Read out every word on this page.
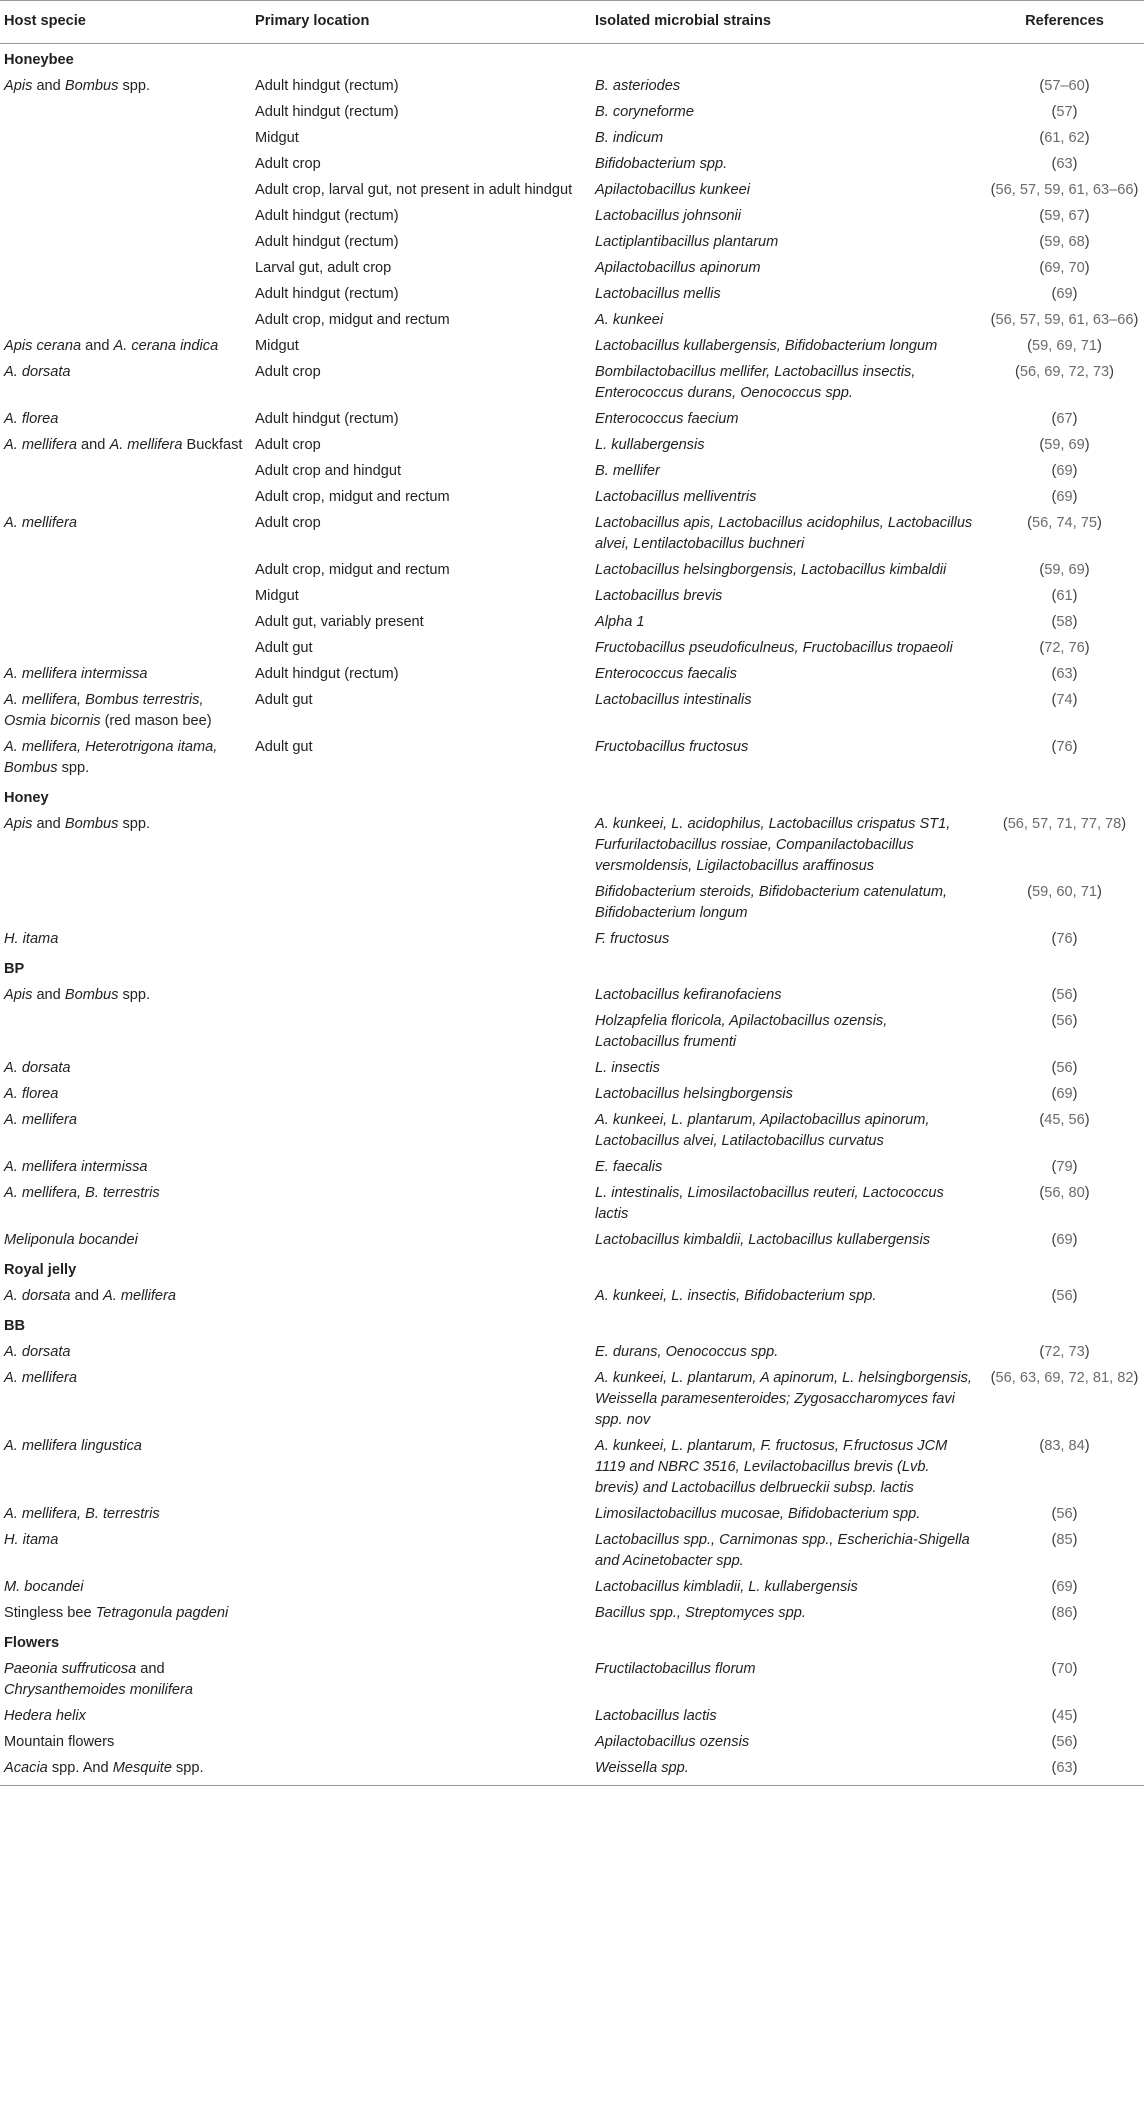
Host specie	Primary location	Isolated microbial strains	References
Honeybee			
Apis and Bombus spp.	Adult hindgut (rectum)	B. asteriodes	(57–60)
	Adult hindgut (rectum)	B. coryneforme	(57)
	Midgut	B. indicum	(61, 62)
	Adult crop	Bifidobacterium spp.	(63)
	Adult crop, larval gut, not present in adult hindgut	Apilactobacillus kunkeei	(56, 57, 59, 61, 63–66)
	Adult hindgut (rectum)	Lactobacillus johnsonii	(59, 67)
	Adult hindgut (rectum)	Lactiplantibacillus plantarum	(59, 68)
	Larval gut, adult crop	Apilactobacillus apinorum	(69, 70)
	Adult hindgut (rectum)	Lactobacillus mellis	(69)
	Adult crop, midgut and rectum	A. kunkeei	(56, 57, 59, 61, 63–66)
Apis cerana and A. cerana indica	Midgut	Lactobacillus kullabergensis, Bifidobacterium longum	(59, 69, 71)
A. dorsata	Adult crop	Bombilactobacillus mellifer, Lactobacillus insectis, Enterococcus durans, Oenococcus spp.	(56, 69, 72, 73)
A. florea	Adult hindgut (rectum)	Enterococcus faecium	(67)
A. mellifera and A. mellifera Buckfast	Adult crop	L. kullabergensis	(59, 69)
	Adult crop and hindgut	B. mellifer	(69)
	Adult crop, midgut and rectum	Lactobacillus melliventris	(69)
A. mellifera	Adult crop	Lactobacillus apis, Lactobacillus acidophilus, Lactobacillus alvei, Lentilactobacillus buchneri	(56, 74, 75)
	Adult crop, midgut and rectum	Lactobacillus helsingborgensis, Lactobacillus kimbaldii	(59, 69)
	Midgut	Lactobacillus brevis	(61)
	Adult gut, variably present	Alpha 1	(58)
	Adult gut	Fructobacillus pseudoficulneus, Fructobacillus tropaeoli	(72, 76)
A. mellifera intermissa	Adult hindgut (rectum)	Enterococcus faecalis	(63)
A. mellifera, Bombus terrestris, Osmia bicornis (red mason bee)	Adult gut	Lactobacillus intestinalis	(74)
A. mellifera, Heterotrigona itama, Bombus spp.	Adult gut	Fructobacillus fructosus	(76)
Honey			
Apis and Bombus spp.		A. kunkeei, L. acidophilus, Lactobacillus crispatus ST1, Furfurilactobacillus rossiae, Companilactobacillus versmoldensis, Ligilactobacillus araffinosus	(56, 57, 71, 77, 78)
		Bifidobacterium steroids, Bifidobacterium catenulatum, Bifidobacterium longum	(59, 60, 71)
H. itama		F. fructosus	(76)
BP			
Apis and Bombus spp.		Lactobacillus kefiranofaciens	(56)
		Holzapfelia floricola, Apilactobacillus ozensis, Lactobacillus frumenti	(56)
A. dorsata		L. insectis	(56)
A. florea		Lactobacillus helsingborgensis	(69)
A. mellifera		A. kunkeei, L. plantarum, Apilactobacillus apinorum, Lactobacillus alvei, Latilactobacillus curvatus	(45, 56)
A. mellifera intermissa		E. faecalis	(79)
A. mellifera, B. terrestris		L. intestinalis, Limosilactobacillus reuteri, Lactococcus lactis	(56, 80)
Meliponula bocandei		Lactobacillus kimbaldii, Lactobacillus kullabergensis	(69)
Royal jelly			
A. dorsata and A. mellifera		A. kunkeei, L. insectis, Bifidobacterium spp.	(56)
BB			
A. dorsata		E. durans, Oenococcus spp.	(72, 73)
A. mellifera		A. kunkeei, L. plantarum, A apinorum, L. helsingborgensis, Weissella paramesenteroides; Zygosaccharomyces favi spp. nov	(56, 63, 69, 72, 81, 82)
A. mellifera lingustica		A. kunkeei, L. plantarum, F. fructosus, F.fructosus JCM 1119 and NBRC 3516, Levilactobacillus brevis (Lvb. brevis) and Lactobacillus delbrueckii subsp. lactis	(83, 84)
A. mellifera, B. terrestris		Limosilactobacillus mucosae, Bifidobacterium spp.	(56)
H. itama		Lactobacillus spp., Carnimonas spp., Escherichia-Shigella and Acinetobacter spp.	(85)
M. bocandei		Lactobacillus kimbladii, L. kullabergensis	(69)
Stingless bee Tetragonula pagdeni		Bacillus spp., Streptomyces spp.	(86)
Flowers			
Paeonia suffruticosa and Chrysanthemoides monilifera		Fructilactobacillus florum	(70)
Hedera helix		Lactobacillus lactis	(45)
Mountain flowers		Apilactobacillus ozensis	(56)
Acacia spp. And Mesquite spp.		Weissella spp.	(63)
